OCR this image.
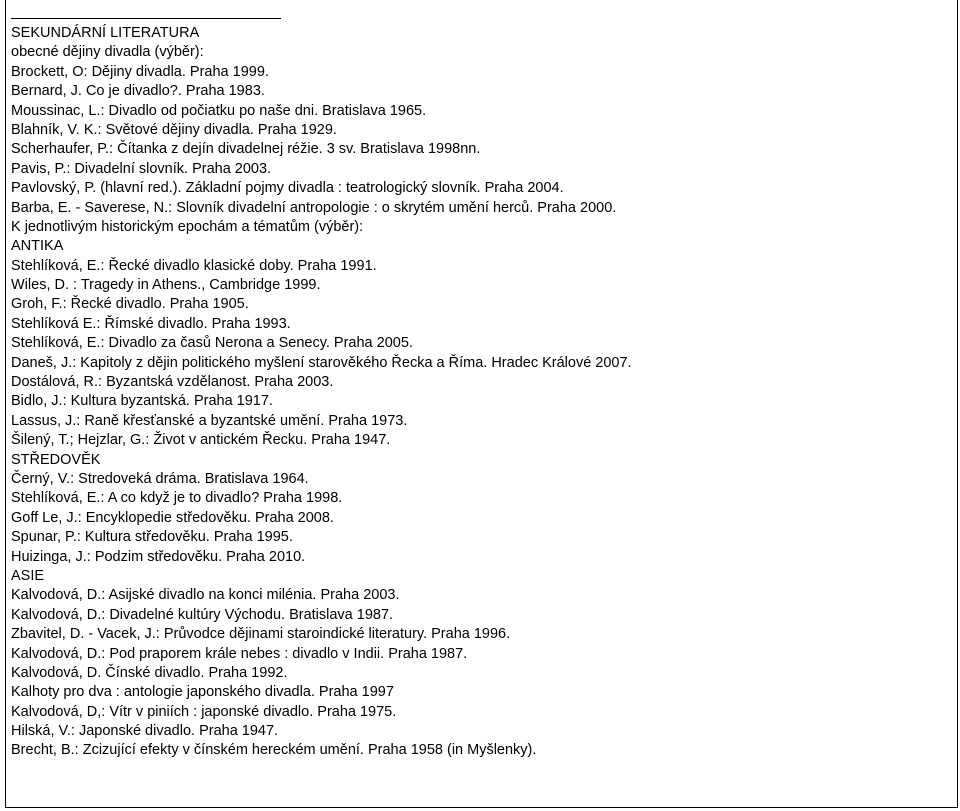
SEKUNDÁRNÍ LITERATURA
obecné dějiny divadla (výběr):
Brockett, O: Dějiny divadla. Praha 1999.
Bernard, J. Co je divadlo?. Praha 1983.
Moussinac, L.: Divadlo od počiatku po naše dni. Bratislava 1965.
Blahník, V. K.: Světové dějiny divadla. Praha 1929.
Scherhaufer, P.: Čítanka z dejín divadelnej réžie. 3 sv. Bratislava 1998nn.
Pavis, P.: Divadelní slovník. Praha 2003.
Pavlovský, P. (hlavní red.). Základní pojmy divadla : teatrologický slovník. Praha 2004.
Barba, E. - Saverese, N.: Slovník divadelní antropologie : o skrytém umění herců. Praha 2000.
K jednotlivým historickým epochám a tématům (výběr):
ANTIKA
Stehlíková, E.: Řecké divadlo klasické doby. Praha 1991.
Wiles, D. : Tragedy in Athens., Cambridge 1999.
Groh, F.: Řecké divadlo. Praha 1905.
Stehlíková E.: Římské divadlo. Praha 1993.
Stehlíková, E.: Divadlo za časů Nerona a Senecy. Praha 2005.
Daneš, J.: Kapitoly z dějin politického myšlení starověkého Řecka a Říma. Hradec Králové 2007.
Dostálová, R.: Byzantská vzdělanost. Praha 2003.
Bidlo, J.: Kultura byzantská. Praha 1917.
Lassus, J.: Raně křesťanské a byzantské umění. Praha 1973.
Šilený, T.; Hejzlar, G.: Život v antickém Řecku. Praha 1947.
STŘEDOVĚK
Černý, V.: Stredoveká dráma. Bratislava 1964.
Stehlíková, E.: A co když je to divadlo? Praha 1998.
Goff Le, J.: Encyklopedie středověku. Praha 2008.
Spunar, P.: Kultura středověku. Praha 1995.
Huizinga, J.: Podzim středověku. Praha 2010.
ASIE
Kalvodová, D.: Asijské divadlo na konci milénia. Praha 2003.
Kalvodová, D.: Divadelné kultúry Východu. Bratislava 1987.
Zbavitel, D. - Vacek, J.: Průvodce dějinami staroindické literatury. Praha 1996.
Kalvodová, D.: Pod praporem krále nebes : divadlo v Indii. Praha 1987.
Kalvodová, D. Čínské divadlo. Praha 1992.
Kalhoty pro dva : antologie japonského divadla. Praha 1997
Kalvodová, D,: Vítr v piniích : japonské divadlo. Praha 1975.
Hilská, V.: Japonské divadlo. Praha 1947.
Brecht, B.: Zcizující efekty v čínském hereckém umění. Praha 1958 (in Myšlenky).
